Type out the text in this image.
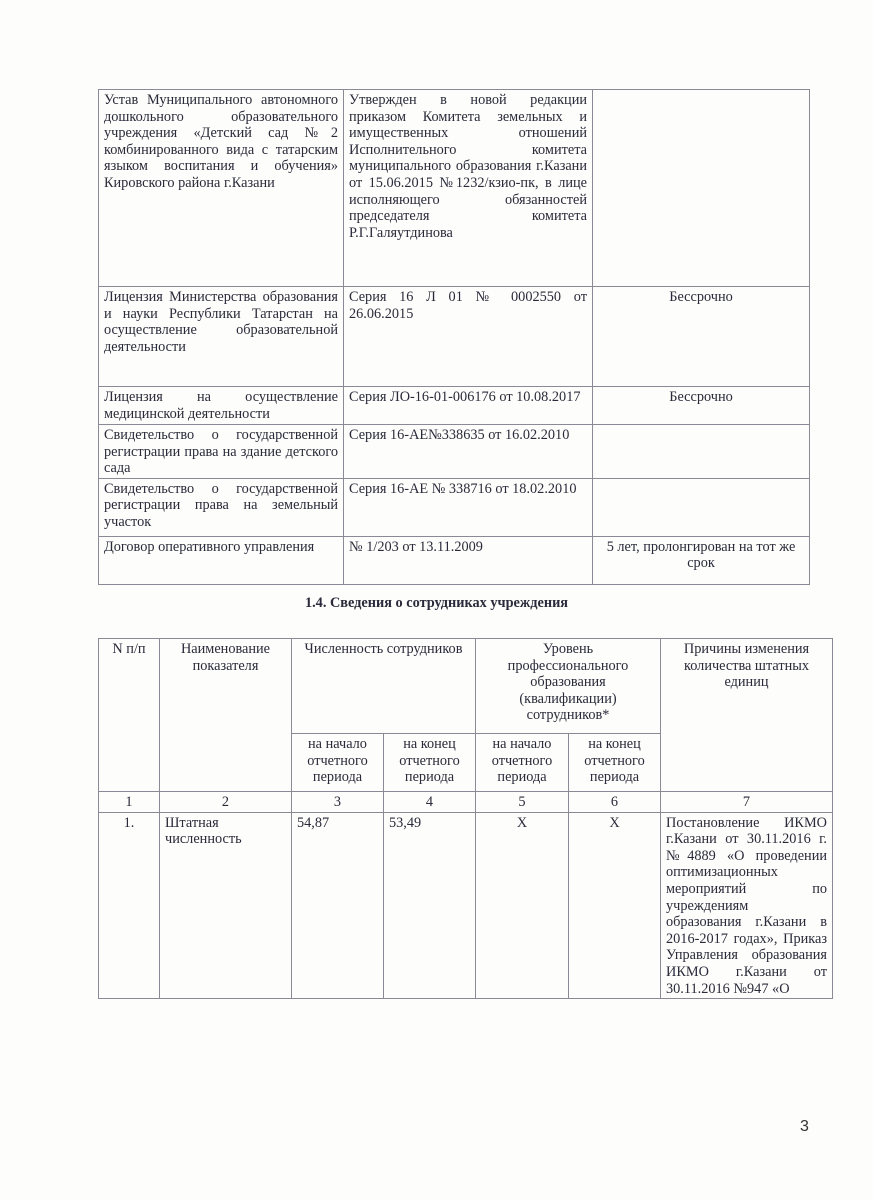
Устав Муниципального автономного дошкольного образовательного учреждения «Детский сад №2 комбинированного вида с татарским языком воспитания и обучения» Кировского района г.Казани	Утвержден в новой редакции приказом Комитета земельных и имущественных отношений Исполнительного комитета муниципального образования г.Казани от 15.06.2015 №1232/кзио-пк, в лице исполняющего обязанностей председателя комитета Р.Г.Галяутдинова	
Лицензия Министерства образования и науки Республики Татарстан на осуществление образовательной деятельности	Серия 16 Л 01 № 0002550 от 26.06.2015	Бессрочно
Лицензия на осуществление медицинской деятельности	Серия ЛО-16-01-006176 от 10.08.2017	Бессрочно
Свидетельство о государственной регистрации права на здание детского сада	Серия 16-АЕ№338635 от 16.02.2010	
Свидетельство о государственной регистрации права на земельный участок	Серия 16-АЕ № 338716 от 18.02.2010	
Договор оперативного управления	№ 1/203 от 13.11.2009	5 лет, пролонгирован на тот же срок
1.4. Сведения о сотрудниках учреждения
N п/п	Наименование показателя	Численность сотрудников		Уровень профессионального образования (квалификации) сотрудников*		Причины изменения количества штатных единиц
		на начало отчетного периода	на конец отчетного периода	на начало отчетного периода	на конец отчетного периода	
1	2	3	4	5	6	7
1.	Штатная численность	54,87	53,49	Х	Х	Постановление ИКМО г.Казани от 30.11.2016 г. №4889 «О проведении оптимизационных мероприятий по учреждениям образования г.Казани в 2016-2017 годах», Приказ Управления образования ИКМО г.Казани от 30.11.2016 №947 «О
3
